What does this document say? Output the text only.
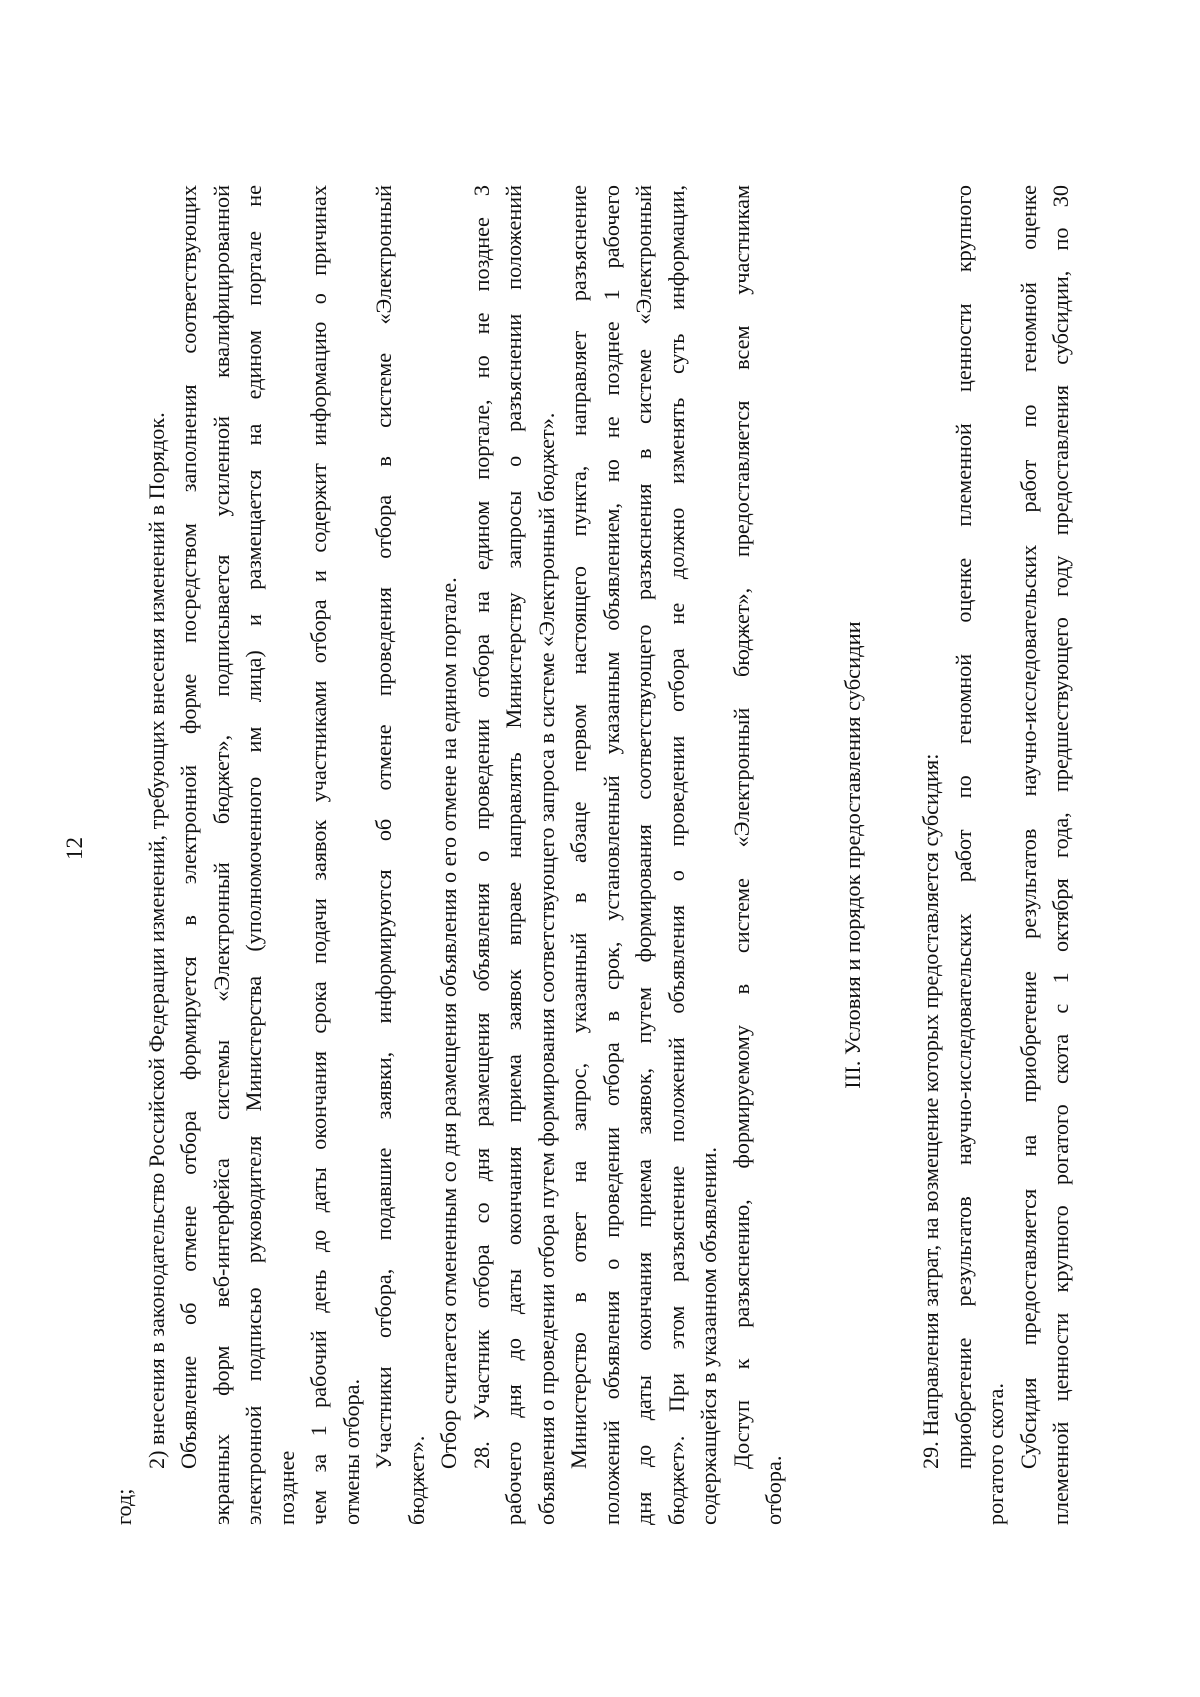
12
год;
2) внесения в законодательство Российской Федерации изменений, требующих внесения изменений в Порядок. Объявление об отмене отбора формируется в электронной форме посредством заполнения соответствующих экранных форм веб-интерфейса системы «Электронный бюджет», подписывается усиленной квалифицированной электронной подписью руководителя Министерства (уполномоченного им лица) и размещается на едином портале не позднее чем за 1 рабочий день до даты окончания срока подачи заявок участниками отбора и содержит информацию о причинах отмены отбора. Участники отбора, подавшие заявки, информируются об отмене проведения отбора в системе «Электронный
бюджет».
Отбор считается отмененным со дня размещения объявления о его отмене на едином портале. 28. Участник отбора со дня размещения объявления о проведении отбора на едином портале, но не позднее 3 рабочего дня до даты окончания приема заявок вправе направлять Министерству запросы о разъяснении положений объявления о проведении отбора путем формирования соответствующего запроса в системе «Электронный бюджет». Министерство в ответ на запрос, указанный в абзаце первом настоящего пункта, направляет разъяснение положений объявления о проведении отбора в срок, установленный указанным объявлением, но не позднее 1 рабочего дня до даты окончания приема заявок, путем формирования соответствующего разъяснения в системе «Электронный бюджет». При этом разъяснение положений объявления о проведении отбора не должно изменять суть информации, содержащейся в указанном объявлении. Доступ к разъяснению, формируемому в системе «Электронный бюджет», предоставляется всем участникам
отбора.
III. Условия и порядок предоставления субсидии 29. Направления затрат, на возмещение которых предоставляется субсидия: приобретение результатов научно-исследовательских работ по геномной оценке племенной ценности крупного рогатого скота. Субсидия предоставляется на приобретение результатов научно-исследовательских работ по геномной оценке племенной ценности крупного рогатого скота с 1 октября года, предшествующего году предоставления субсидии, по 30
